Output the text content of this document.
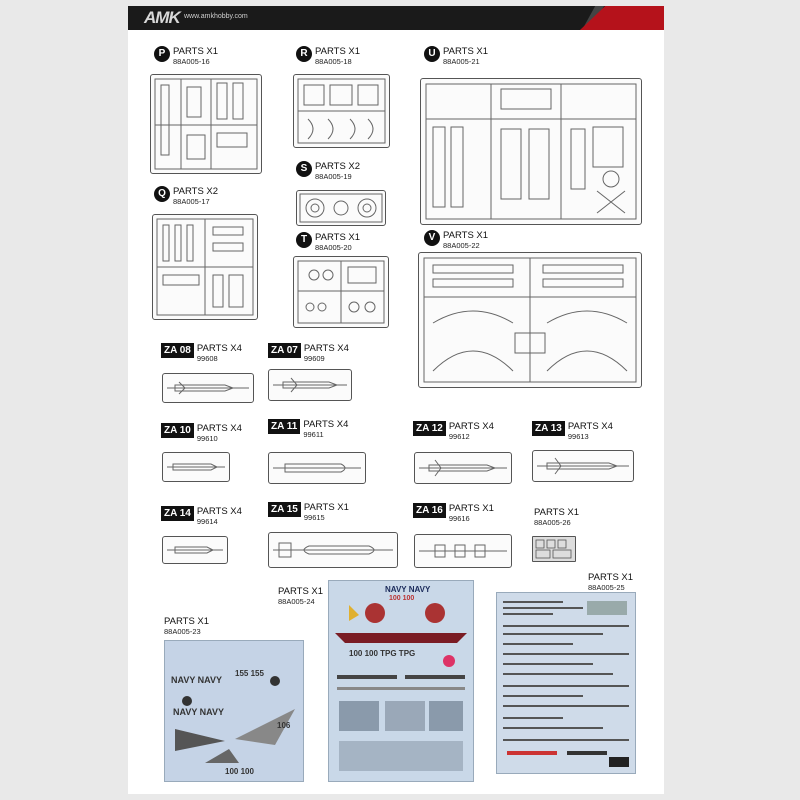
AMK www.amkhobby.com
P PARTS X1
88A005-16
Q PARTS X2
88A005-17
R PARTS X1
88A005-18
S PARTS X2
88A005-19
T PARTS X1
88A005-20
U PARTS X1
88A005-21
V PARTS X1
88A005-22
ZA 08 PARTS X4
99608
ZA 07 PARTS X4
99609
ZA 10 PARTS X4
99610
ZA 11 PARTS X4
99611
ZA 12 PARTS X4
99612
ZA 13 PARTS X4
99613
ZA 14 PARTS X4
99614
ZA 15 PARTS X1
99615
ZA 16 PARTS X1
99616
PARTS X1
88A005-26
PARTS X1
88A005-23
NAVY NAVY
NAVY NAVY
155 155
106
100 100
PARTS X1
88A005-24
NAVY NAVY
100 100
100 100 TPG TPG
PARTS X1
88A005-25
